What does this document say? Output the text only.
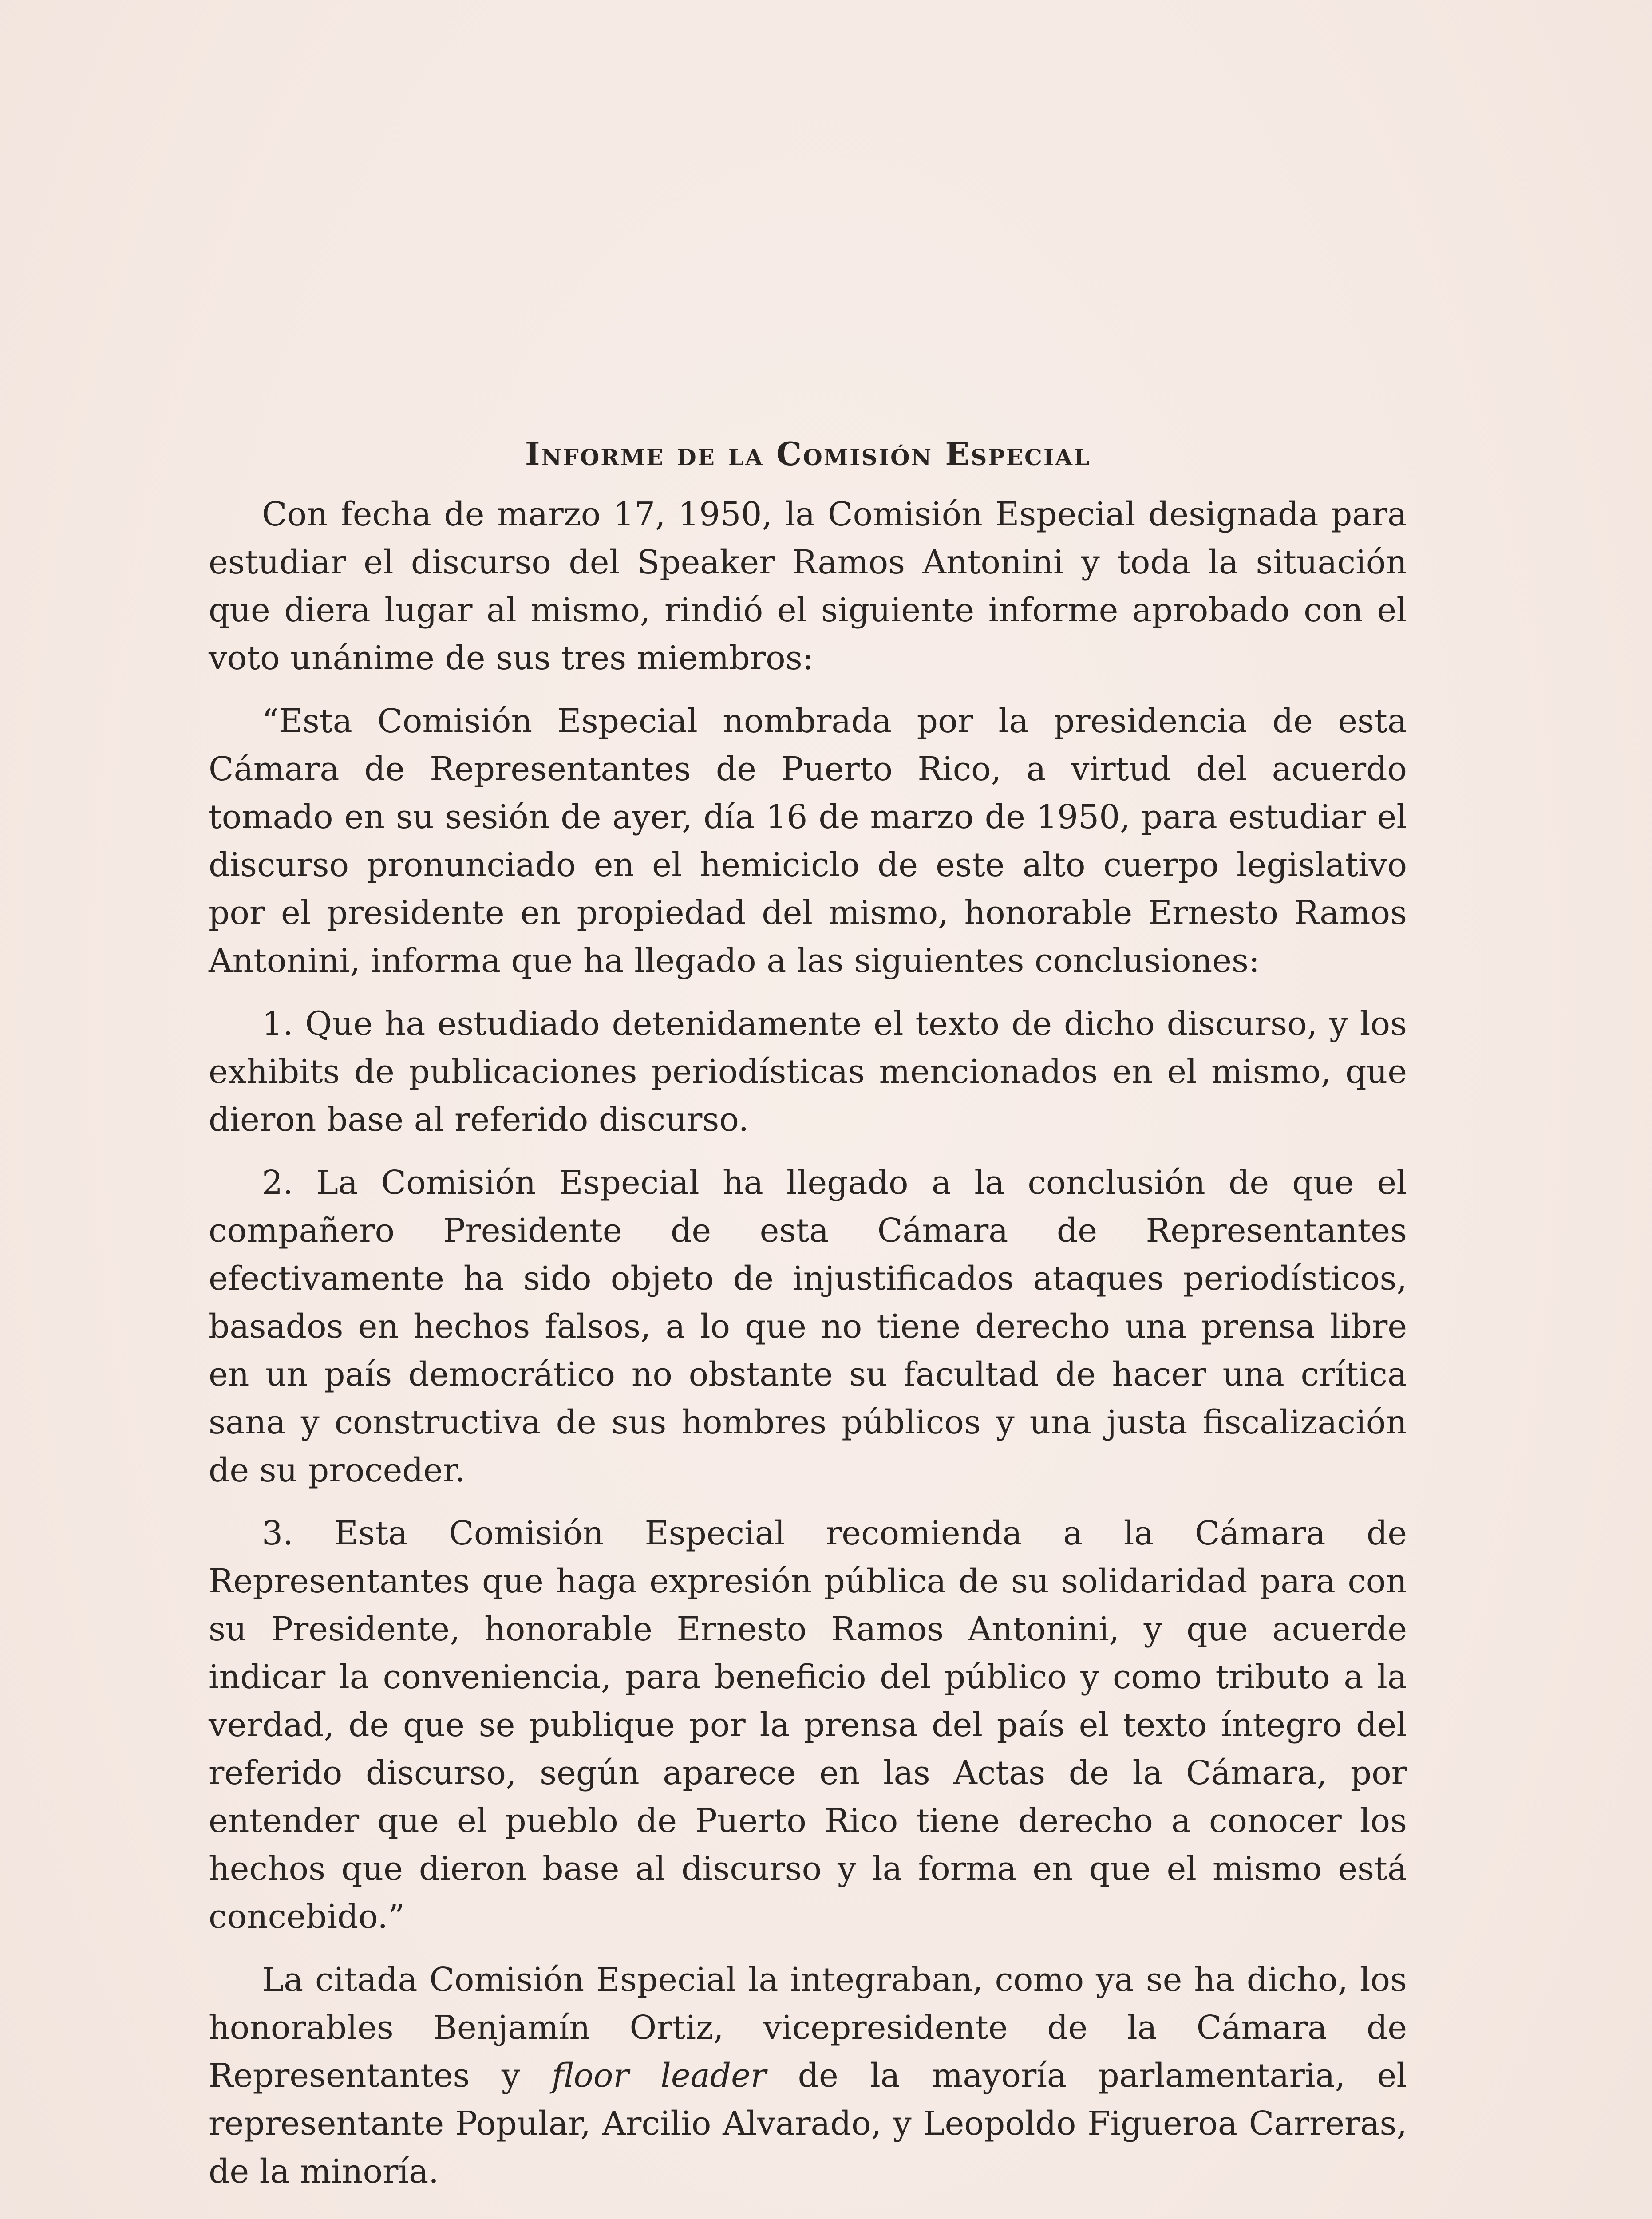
Informe de la Comisión Especial

Con fecha de marzo 17, 1950, la Comisión Especial designada para estudiar el discurso del Speaker Ramos Antonini y toda la situación que diera lugar al mismo, rindió el siguiente informe aprobado con el voto unánime de sus tres miembros:

“Esta Comisión Especial nombrada por la presidencia de esta Cámara de Representantes de Puerto Rico, a virtud del acuerdo tomado en su sesión de ayer, día 16 de marzo de 1950, para estudiar el discurso pronunciado en el hemiciclo de este alto cuerpo legislativo por el presidente en propiedad del mismo, honorable Ernesto Ramos Antonini, informa que ha llegado a las siguientes conclusiones:

1. Que ha estudiado detenidamente el texto de dicho discurso, y los exhibits de publicaciones periodísticas mencionados en el mismo, que dieron base al referido discurso.

2. La Comisión Especial ha llegado a la conclusión de que el compañero Presidente de esta Cámara de Representantes efectivamente ha sido objeto de injustificados ataques periodísticos, basados en hechos falsos, a lo que no tiene derecho una prensa libre en un país democrático no obstante su facultad de hacer una crítica sana y constructiva de sus hombres públicos y una justa fiscalización de su proceder.

3. Esta Comisión Especial recomienda a la Cámara de Representantes que haga expresión pública de su solidaridad para con su Presidente, honorable Ernesto Ramos Antonini, y que acuerde indicar la conveniencia, para beneficio del público y como tributo a la verdad, de que se publique por la prensa del país el texto íntegro del referido discurso, según aparece en las Actas de la Cámara, por entender que el pueblo de Puerto Rico tiene derecho a conocer los hechos que dieron base al discurso y la forma en que el mismo está concebido.”

La citada Comisión Especial la integraban, como ya se ha dicho, los honorables Benjamín Ortiz, vicepresidente de la Cámara de Representantes y floor leader de la mayoría parlamentaria, el representante Popular, Arcilio Alvarado, y Leopoldo Figueroa Carreras, de la minoría.
